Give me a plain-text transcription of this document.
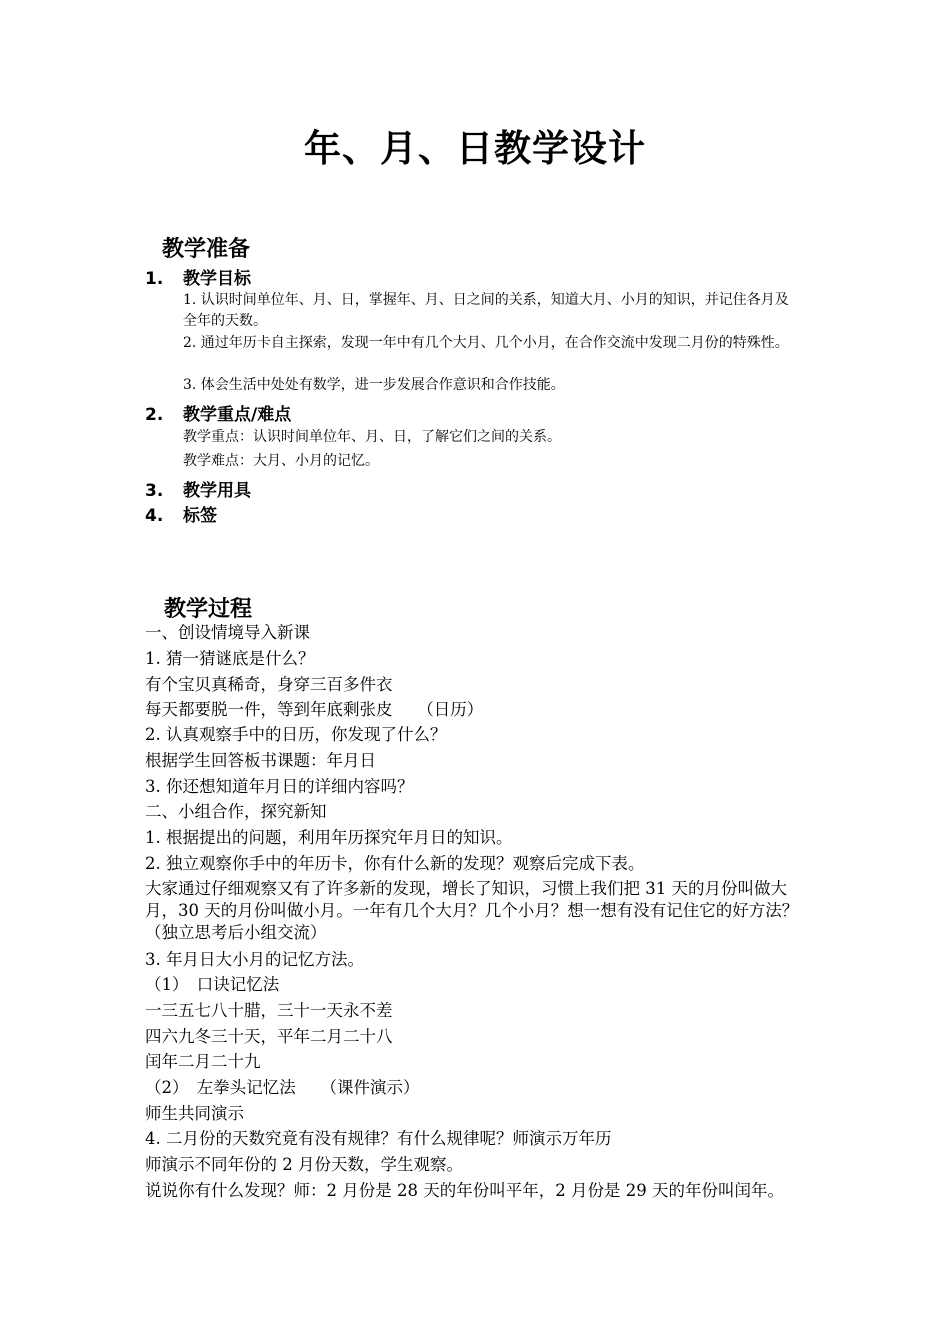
年、月、日教学设计
教学准备
1. 教学目标
1. 认识时间单位年、月、日，掌握年、月、日之间的关系，知道大月、小月的知识，并记住各月及全年的天数。
2. 通过年历卡自主探索，发现一年中有几个大月、几个小月，在合作交流中发现二月份的特殊性。
3. 体会生活中处处有数学，进一步发展合作意识和合作技能。
2. 教学重点/难点
教学重点：认识时间单位年、月、日，了解它们之间的关系。
教学难点：大月、小月的记忆。
3. 教学用具
4. 标签
教学过程
一、创设情境导入新课
1. 猜一猜谜底是什么？
有个宝贝真稀奇，身穿三百多件衣
每天都要脱一件，等到年底剩张皮　　（日历）
2. 认真观察手中的日历，你发现了什么？
根据学生回答板书课题：年月日
3. 你还想知道年月日的详细内容吗？
二、小组合作，探究新知
1. 根据提出的问题，利用年历探究年月日的知识。
2. 独立观察你手中的年历卡，你有什么新的发现？观察后完成下表。
大家通过仔细观察又有了许多新的发现，增长了知识，习惯上我们把 31 天的月份叫做大月，30 天的月份叫做小月。一年有几个大月？几个小月？想一想有没有记住它的好方法？（独立思考后小组交流）
3. 年月日大小月的记忆方法。
（1）　口诀记忆法
一三五七八十腊，三十一天永不差
四六九冬三十天，平年二月二十八
闰年二月二十九
（2）　左拳头记忆法　　（课件演示）
师生共同演示
4. 二月份的天数究竟有没有规律？有什么规律呢？师演示万年历
师演示不同年份的 2 月份天数，学生观察。
说说你有什么发现？师：2 月份是 28 天的年份叫平年，2 月份是 29 天的年份叫闰年。
